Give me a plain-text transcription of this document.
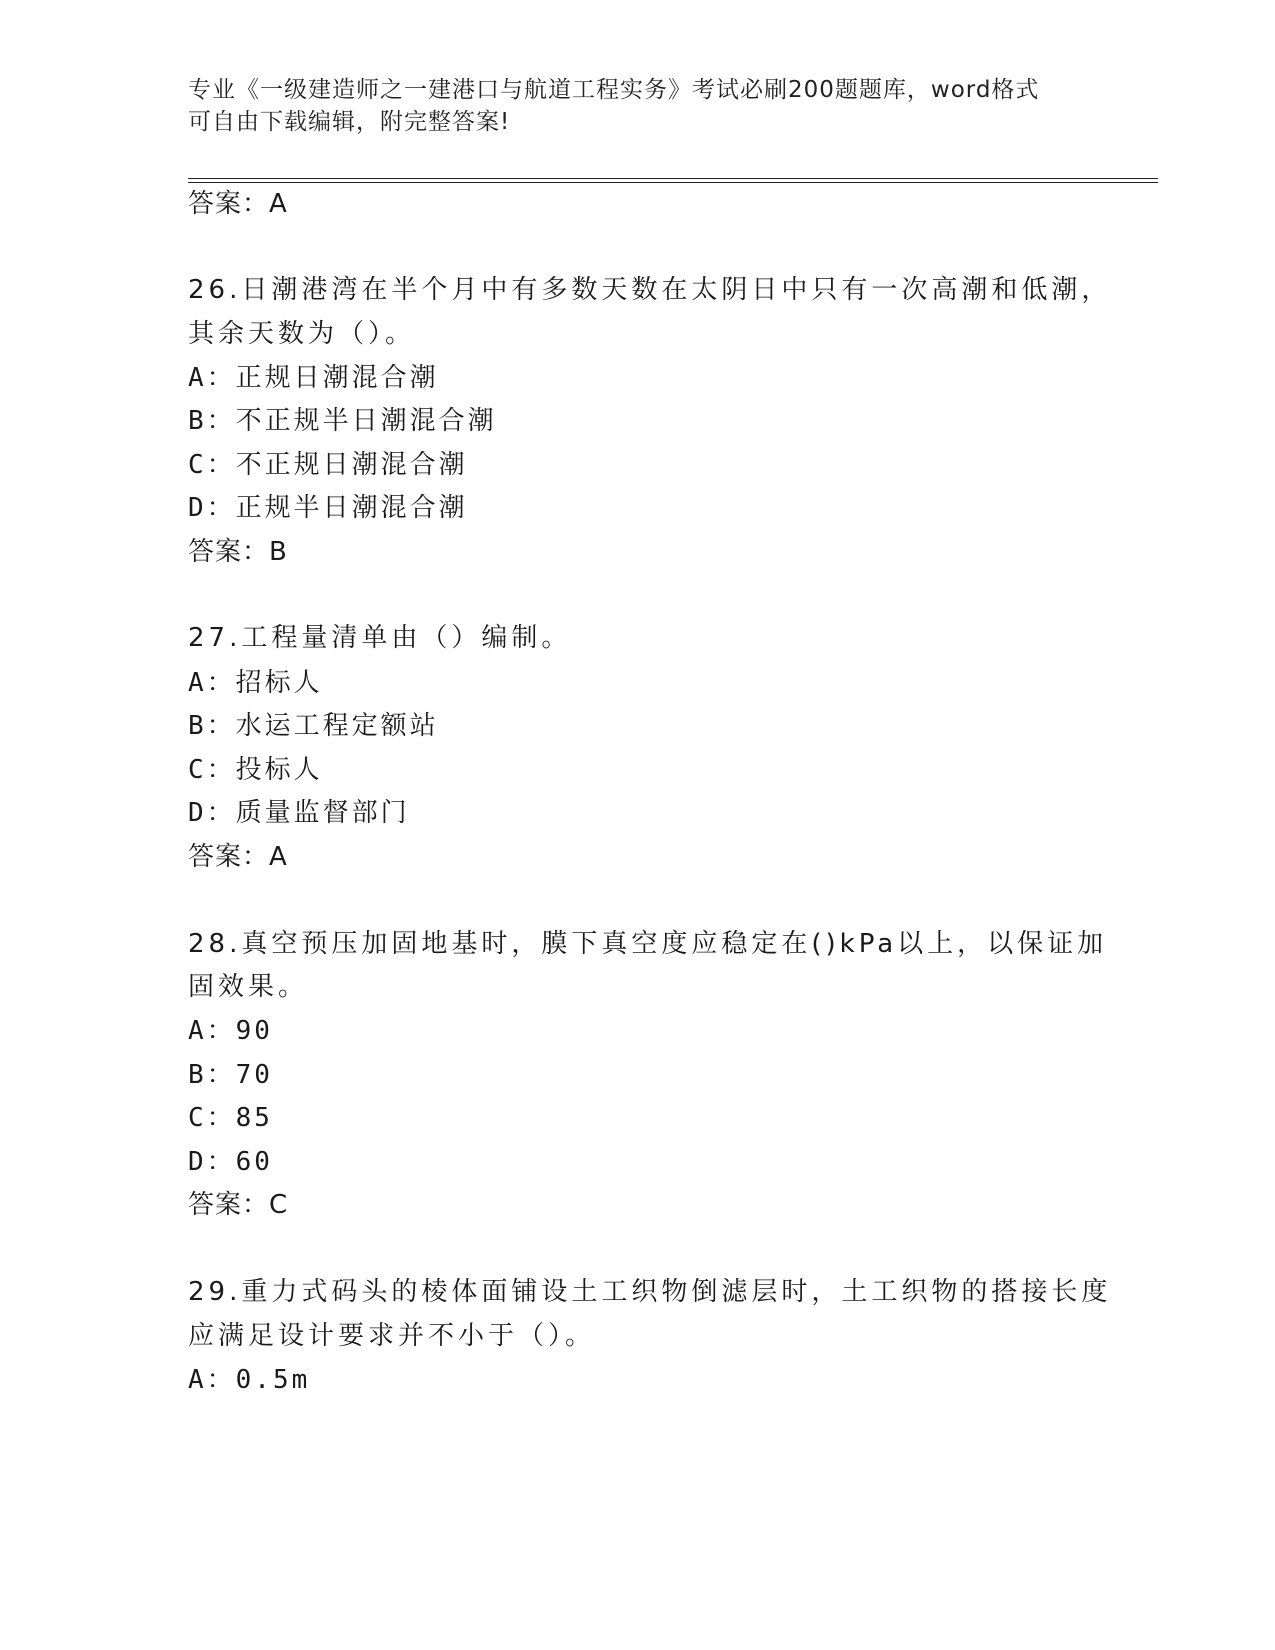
专业《一级建造师之一建港口与航道工程实务》考试必刷200题题库，word格式
可自由下载编辑，附完整答案!
答案：A
26.日潮港湾在半个月中有多数天数在太阴日中只有一次高潮和低潮，
其余天数为（）。
A：正规日潮混合潮
B：不正规半日潮混合潮
C：不正规日潮混合潮
D：正规半日潮混合潮
答案：B
27.工程量清单由（）编制。
A：招标人
B：水运工程定额站
C：投标人
D：质量监督部门
答案：A
28.真空预压加固地基时，膜下真空度应稳定在()kPa以上，以保证加
固效果。
A：90
B：70
C：85
D：60
答案：C
29.重力式码头的棱体面铺设土工织物倒滤层时，土工织物的搭接长度
应满足设计要求并不小于（）。
A：0.5m
